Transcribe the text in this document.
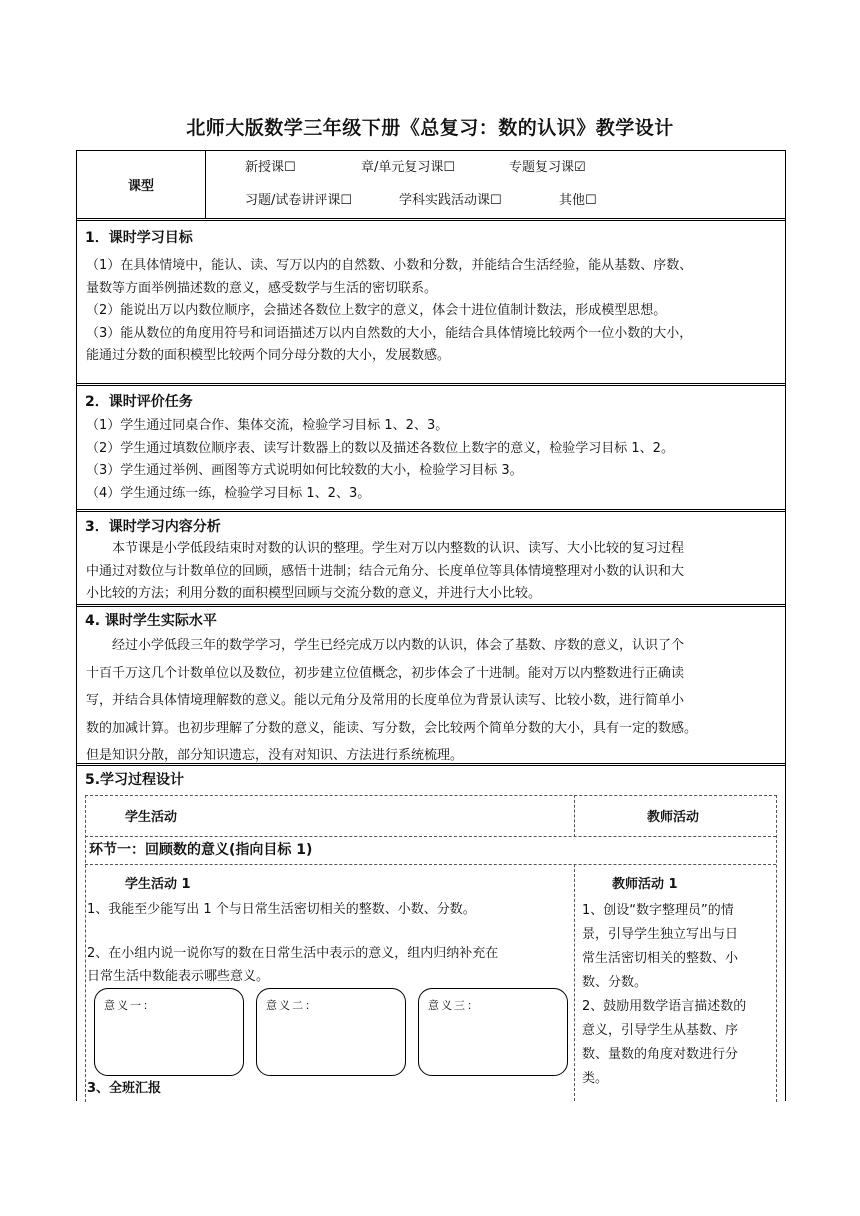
北师大版数学三年级下册《总复习：数的认识》教学设计
课型
新授课☐	章/单元复习课☐	专题复习课☑
习题/试卷讲评课☐	学科实践活动课☐	其他☐
1．课时学习目标

（1）在具体情境中，能认、读、写万以内的自然数、小数和分数，并能结合生活经验，能从基数、序数、

量数等方面举例描述数的意义，感受数学与生活的密切联系。

（2）能说出万以内数位顺序，会描述各数位上数字的意义，体会十进位值制计数法，形成模型思想。

（3）能从数位的角度用符号和词语描述万以内自然数的大小，能结合具体情境比较两个一位小数的大小，

能通过分数的面积模型比较两个同分母分数的大小，发展数感。

2．课时评价任务

（1）学生通过同桌合作、集体交流，检验学习目标 1、2、3。

（2）学生通过填数位顺序表、读写计数器上的数以及描述各数位上数字的意义，检验学习目标 1、2。

（3）学生通过举例、画图等方式说明如何比较数的大小，检验学习目标 3。

（4）学生通过练一练，检验学习目标 1、2、3。

3．课时学习内容分析

本节课是小学低段结束时对数的认识的整理。学生对万以内整数的认识、读写、大小比较的复习过程

中通过对数位与计数单位的回顾，感悟十进制；结合元角分、长度单位等具体情境整理对小数的认识和大

小比较的方法；利用分数的面积模型回顾与交流分数的意义，并进行大小比较。

4. 课时学生实际水平

经过小学低段三年的数学学习，学生已经完成万以内数的认识，体会了基数、序数的意义，认识了个

十百千万这几个计数单位以及数位，初步建立位值概念，初步体会了十进制。能对万以内整数进行正确读

写，并结合具体情境理解数的意义。能以元角分及常用的长度单位为背景认读写、比较小数，进行简单小

数的加减计算。也初步理解了分数的意义，能读、写分数，会比较两个简单分数的大小，具有一定的数感。

但是知识分散，部分知识遗忘，没有对知识、方法进行系统梳理。

5.学习过程设计
学生活动	教师活动
环节一：回顾数的意义(指向目标 1)
学生活动 1
1、我能至少能写出 1 个与日常生活密切相关的整数、小数、分数。
2、在小组内说一说你写的数在日常生活中表示的意义，组内归纳补充在
日常生活中数能表示哪些意义。
意义一：	意义二：	意义三：
3、全班汇报
教师活动 1
1、创设“数字整理员”的情
景，引导学生独立写出与日
常生活密切相关的整数、小
数、分数。
2、鼓励用数学语言描述数的
意义，引导学生从基数、序
数、量数的角度对数进行分
类。
